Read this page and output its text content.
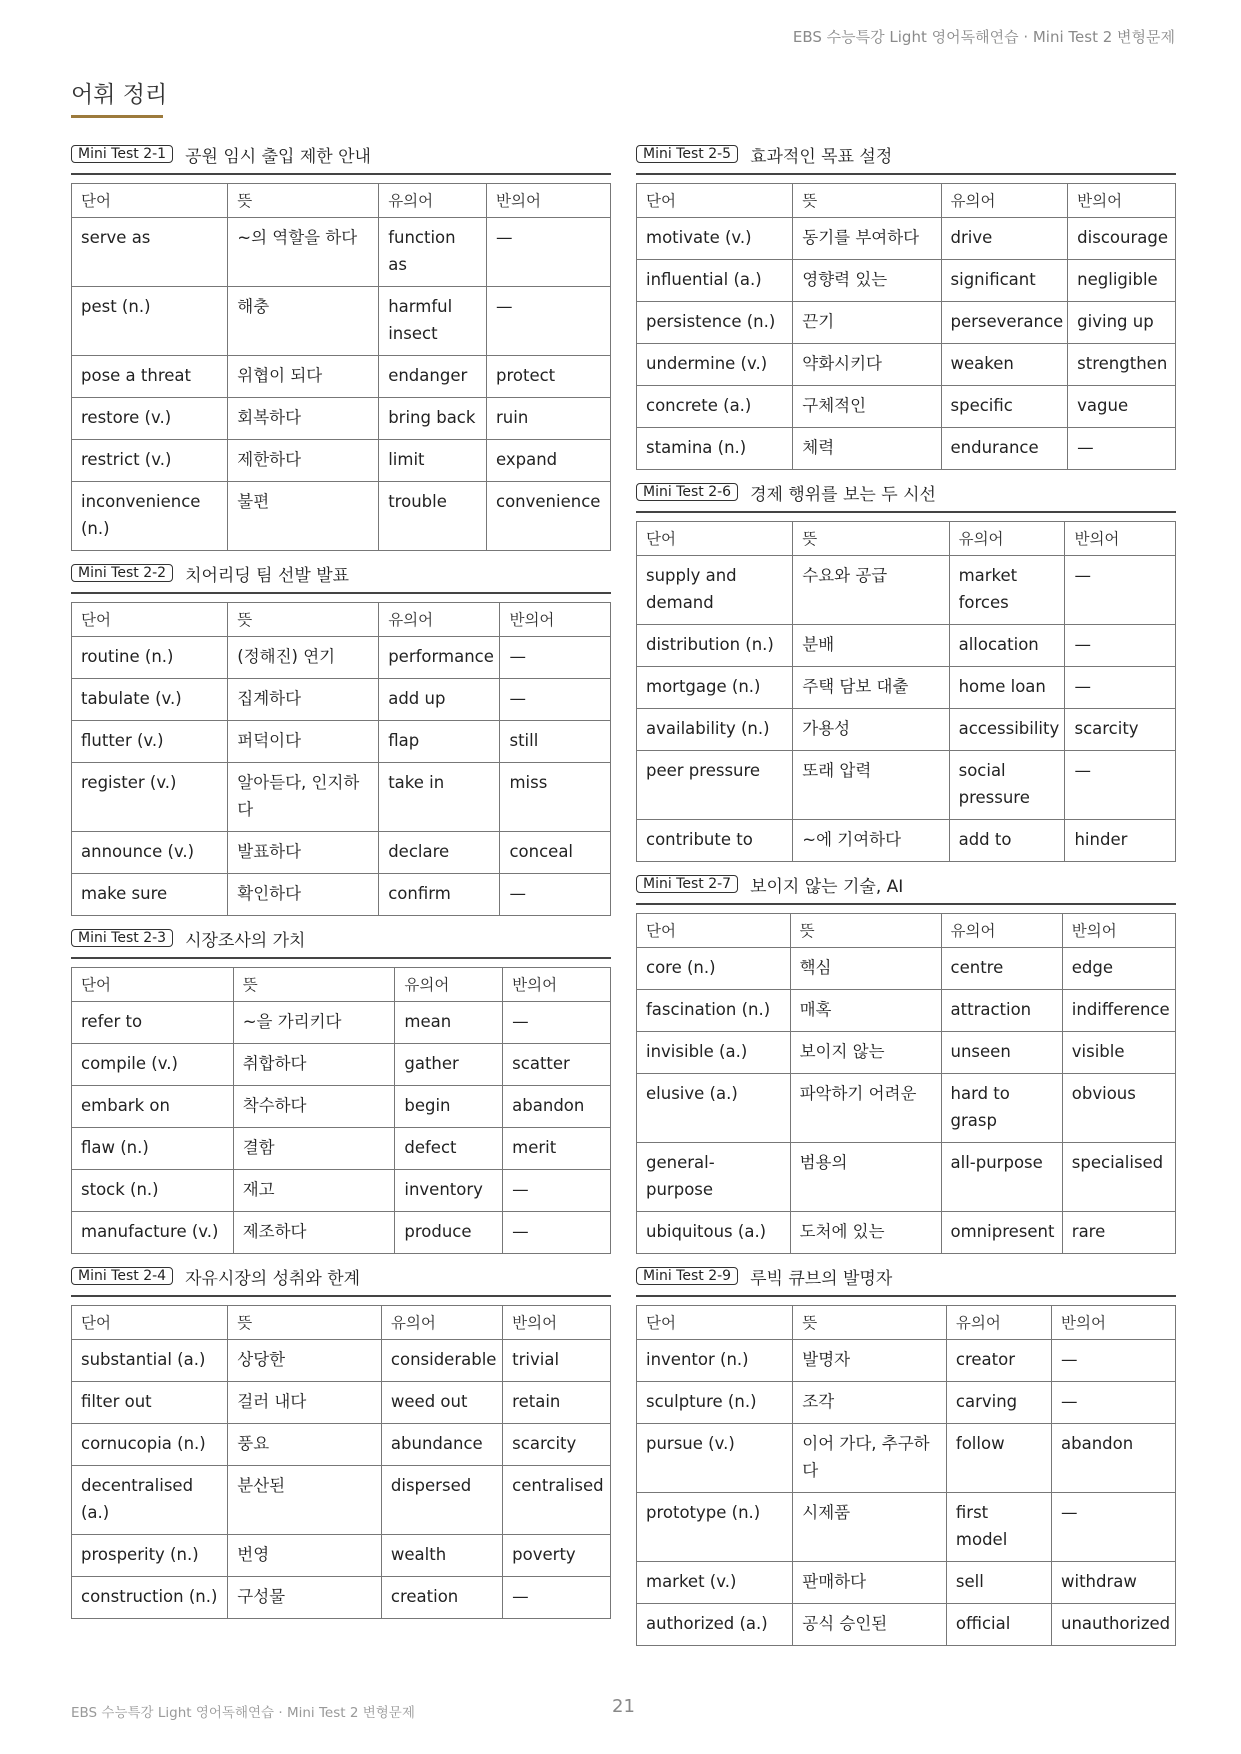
EBS 수능특강 Light 영어독해연습 · Mini Test 2 변형문제
어휘 정리
Mini Test 2-1	공원 임시 출입 제한 안내
단어	뜻	유의어	반의어
serve as	~의 역할을 하다	function as	—
pest (n.)	해충	harmful insect	—
pose a threat	위협이 되다	endanger	protect
restore (v.)	회복하다	bring back	ruin
restrict (v.)	제한하다	limit	expand
inconvenience (n.)	불편	trouble	convenience
Mini Test 2-2	치어리딩 팀 선발 발표
단어	뜻	유의어	반의어
routine (n.)	(정해진) 연기	performance	—
tabulate (v.)	집계하다	add up	—
flutter (v.)	퍼덕이다	flap	still
register (v.)	알아듣다, 인지하다	take in	miss
announce (v.)	발표하다	declare	conceal
make sure	확인하다	confirm	—
Mini Test 2-3	시장조사의 가치
단어	뜻	유의어	반의어
refer to	~을 가리키다	mean	—
compile (v.)	취합하다	gather	scatter
embark on	착수하다	begin	abandon
flaw (n.)	결함	defect	merit
stock (n.)	재고	inventory	—
manufacture (v.)	제조하다	produce	—
Mini Test 2-4	자유시장의 성취와 한계
단어	뜻	유의어	반의어
substantial (a.)	상당한	considerable	trivial
filter out	걸러 내다	weed out	retain
cornucopia (n.)	풍요	abundance	scarcity
decentralised (a.)	분산된	dispersed	centralised
prosperity (n.)	번영	wealth	poverty
construction (n.)	구성물	creation	—
Mini Test 2-5	효과적인 목표 설정
단어	뜻	유의어	반의어
motivate (v.)	동기를 부여하다	drive	discourage
influential (a.)	영향력 있는	significant	negligible
persistence (n.)	끈기	perseverance	giving up
undermine (v.)	약화시키다	weaken	strengthen
concrete (a.)	구체적인	specific	vague
stamina (n.)	체력	endurance	—
Mini Test 2-6	경제 행위를 보는 두 시선
단어	뜻	유의어	반의어
supply and demand	수요와 공급	market forces	—
distribution (n.)	분배	allocation	—
mortgage (n.)	주택 담보 대출	home loan	—
availability (n.)	가용성	accessibility	scarcity
peer pressure	또래 압력	social pressure	—
contribute to	~에 기여하다	add to	hinder
Mini Test 2-7	보이지 않는 기술, AI
단어	뜻	유의어	반의어
core (n.)	핵심	centre	edge
fascination (n.)	매혹	attraction	indifference
invisible (a.)	보이지 않는	unseen	visible
elusive (a.)	파악하기 어려운	hard to grasp	obvious
general-purpose	범용의	all-purpose	specialised
ubiquitous (a.)	도처에 있는	omnipresent	rare
Mini Test 2-9	루빅 큐브의 발명자
단어	뜻	유의어	반의어
inventor (n.)	발명자	creator	—
sculpture (n.)	조각	carving	—
pursue (v.)	이어 가다, 추구하다	follow	abandon
prototype (n.)	시제품	first model	—
market (v.)	판매하다	sell	withdraw
authorized (a.)	공식 승인된	official	unauthorized
EBS 수능특강 Light 영어독해연습 · Mini Test 2 변형문제	21
